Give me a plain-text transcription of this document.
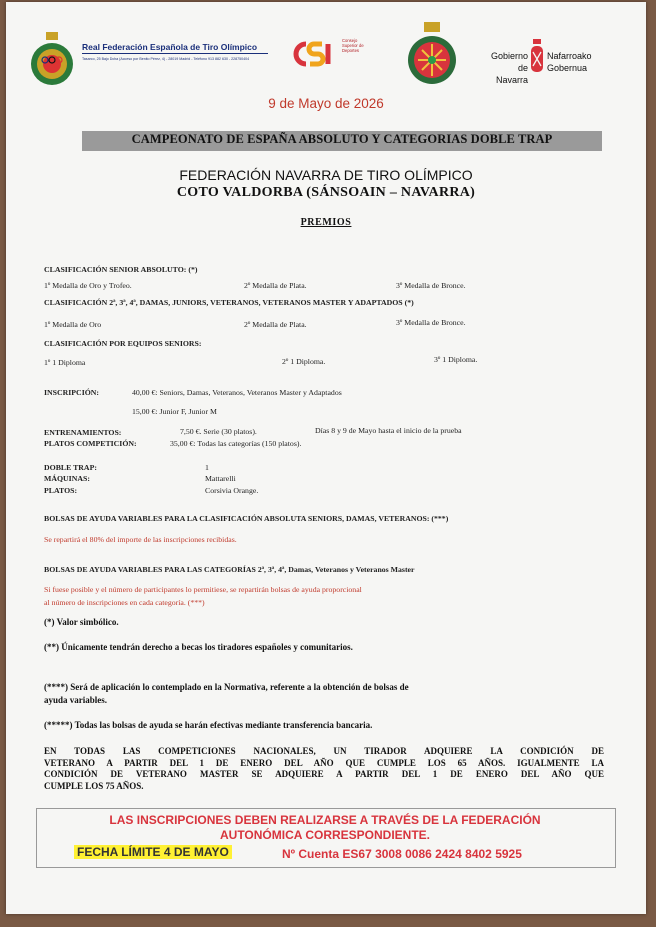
Real Federación Española de Tiro Olímpico
Tasarco, 25 Bajo Dcha (Acceso por Benito Pérez, 4) - 28019 Madrid - Teléfono 913 882 630 - 228750404
Consejo Superior de Deportes
Gobierno
de Navarra
Nafarroako
Gobernua
9 de Mayo de 2026
CAMPEONATO DE ESPAÑA ABSOLUTO Y CATEGORIAS DOBLE TRAP
FEDERACIÓN NAVARRA DE TIRO OLÍMPICO
COTO VALDORBA (SÁNSOAIN – NAVARRA)
PREMIOS
CLASIFICACIÓN SENIOR ABSOLUTO: (*)
1º Medalla de Oro y Trofeo.	2º Medalla de Plata.	3º Medalla de Bronce.
CLASIFICACIÓN 2ª, 3ª, 4ª, DAMAS, JUNIORS, VETERANOS, VETERANOS MASTER Y ADAPTADOS (*)
1º Medalla de Oro	2º Medalla de Plata.	3º Medalla de Bronce.
CLASIFICACIÓN POR EQUIPOS SENIORS:
1º 1 Diploma	2º 1 Diploma.	3º 1 Diploma.
INSCRIPCIÓN:	40,00 €: Seniors, Damas, Veteranos, Veteranos Master y Adaptados
15,00 €: Junior F, Junior M
ENTRENAMIENTOS:	7,50 €. Serie (30 platos).	Días 8 y 9 de Mayo hasta el inicio de la prueba
PLATOS COMPETICIÓN:	35,00 €: Todas las categorías (150 platos).
DOBLE TRAP:	1
MÁQUINAS:	Mattarelli
PLATOS:	Corsivia Orange.
BOLSAS DE AYUDA VARIABLES PARA LA CLASIFICACIÓN ABSOLUTA SENIORS, DAMAS, VETERANOS: (***)
Se repartirá el 80% del importe de las inscripciones recibidas.
BOLSAS DE AYUDA VARIABLES PARA LAS CATEGORÍAS 2ª, 3ª, 4ª, Damas, Veteranos y Veteranos Master
Si fuese posible y el número de participantes lo permitiese, se repartirán bolsas de ayuda proporcional
al número de inscripciones en cada categoría. (***)
(*) Valor simbólico.
(**) Únicamente tendrán derecho a becas los tiradores españoles y comunitarios.
(****) Será de aplicación lo contemplado en la Normativa, referente a la obtención de bolsas de
ayuda variables.
(*****) Todas las bolsas de ayuda se harán efectivas mediante transferencia bancaria.
EN TODAS LAS COMPETICIONES NACIONALES, UN TIRADOR ADQUIERE LA CONDICIÓN DE
VETERANO A PARTIR DEL 1 DE ENERO DEL AÑO QUE CUMPLE LOS 65 AÑOS. IGUALMENTE LA
CONDICIÓN DE VETERANO MASTER SE ADQUIERE A PARTIR DEL 1 DE ENERO DEL AÑO QUE
CUMPLE LOS 75 AÑOS.
LAS INSCRIPCIONES DEBEN REALIZARSE A TRAVÉS DE LA FEDERACIÓN
AUTONÓMICA CORRESPONDIENTE.
FECHA LÍMITE 4 DE MAYO	Nº Cuenta ES67 3008 0086 2424 8402 5925
